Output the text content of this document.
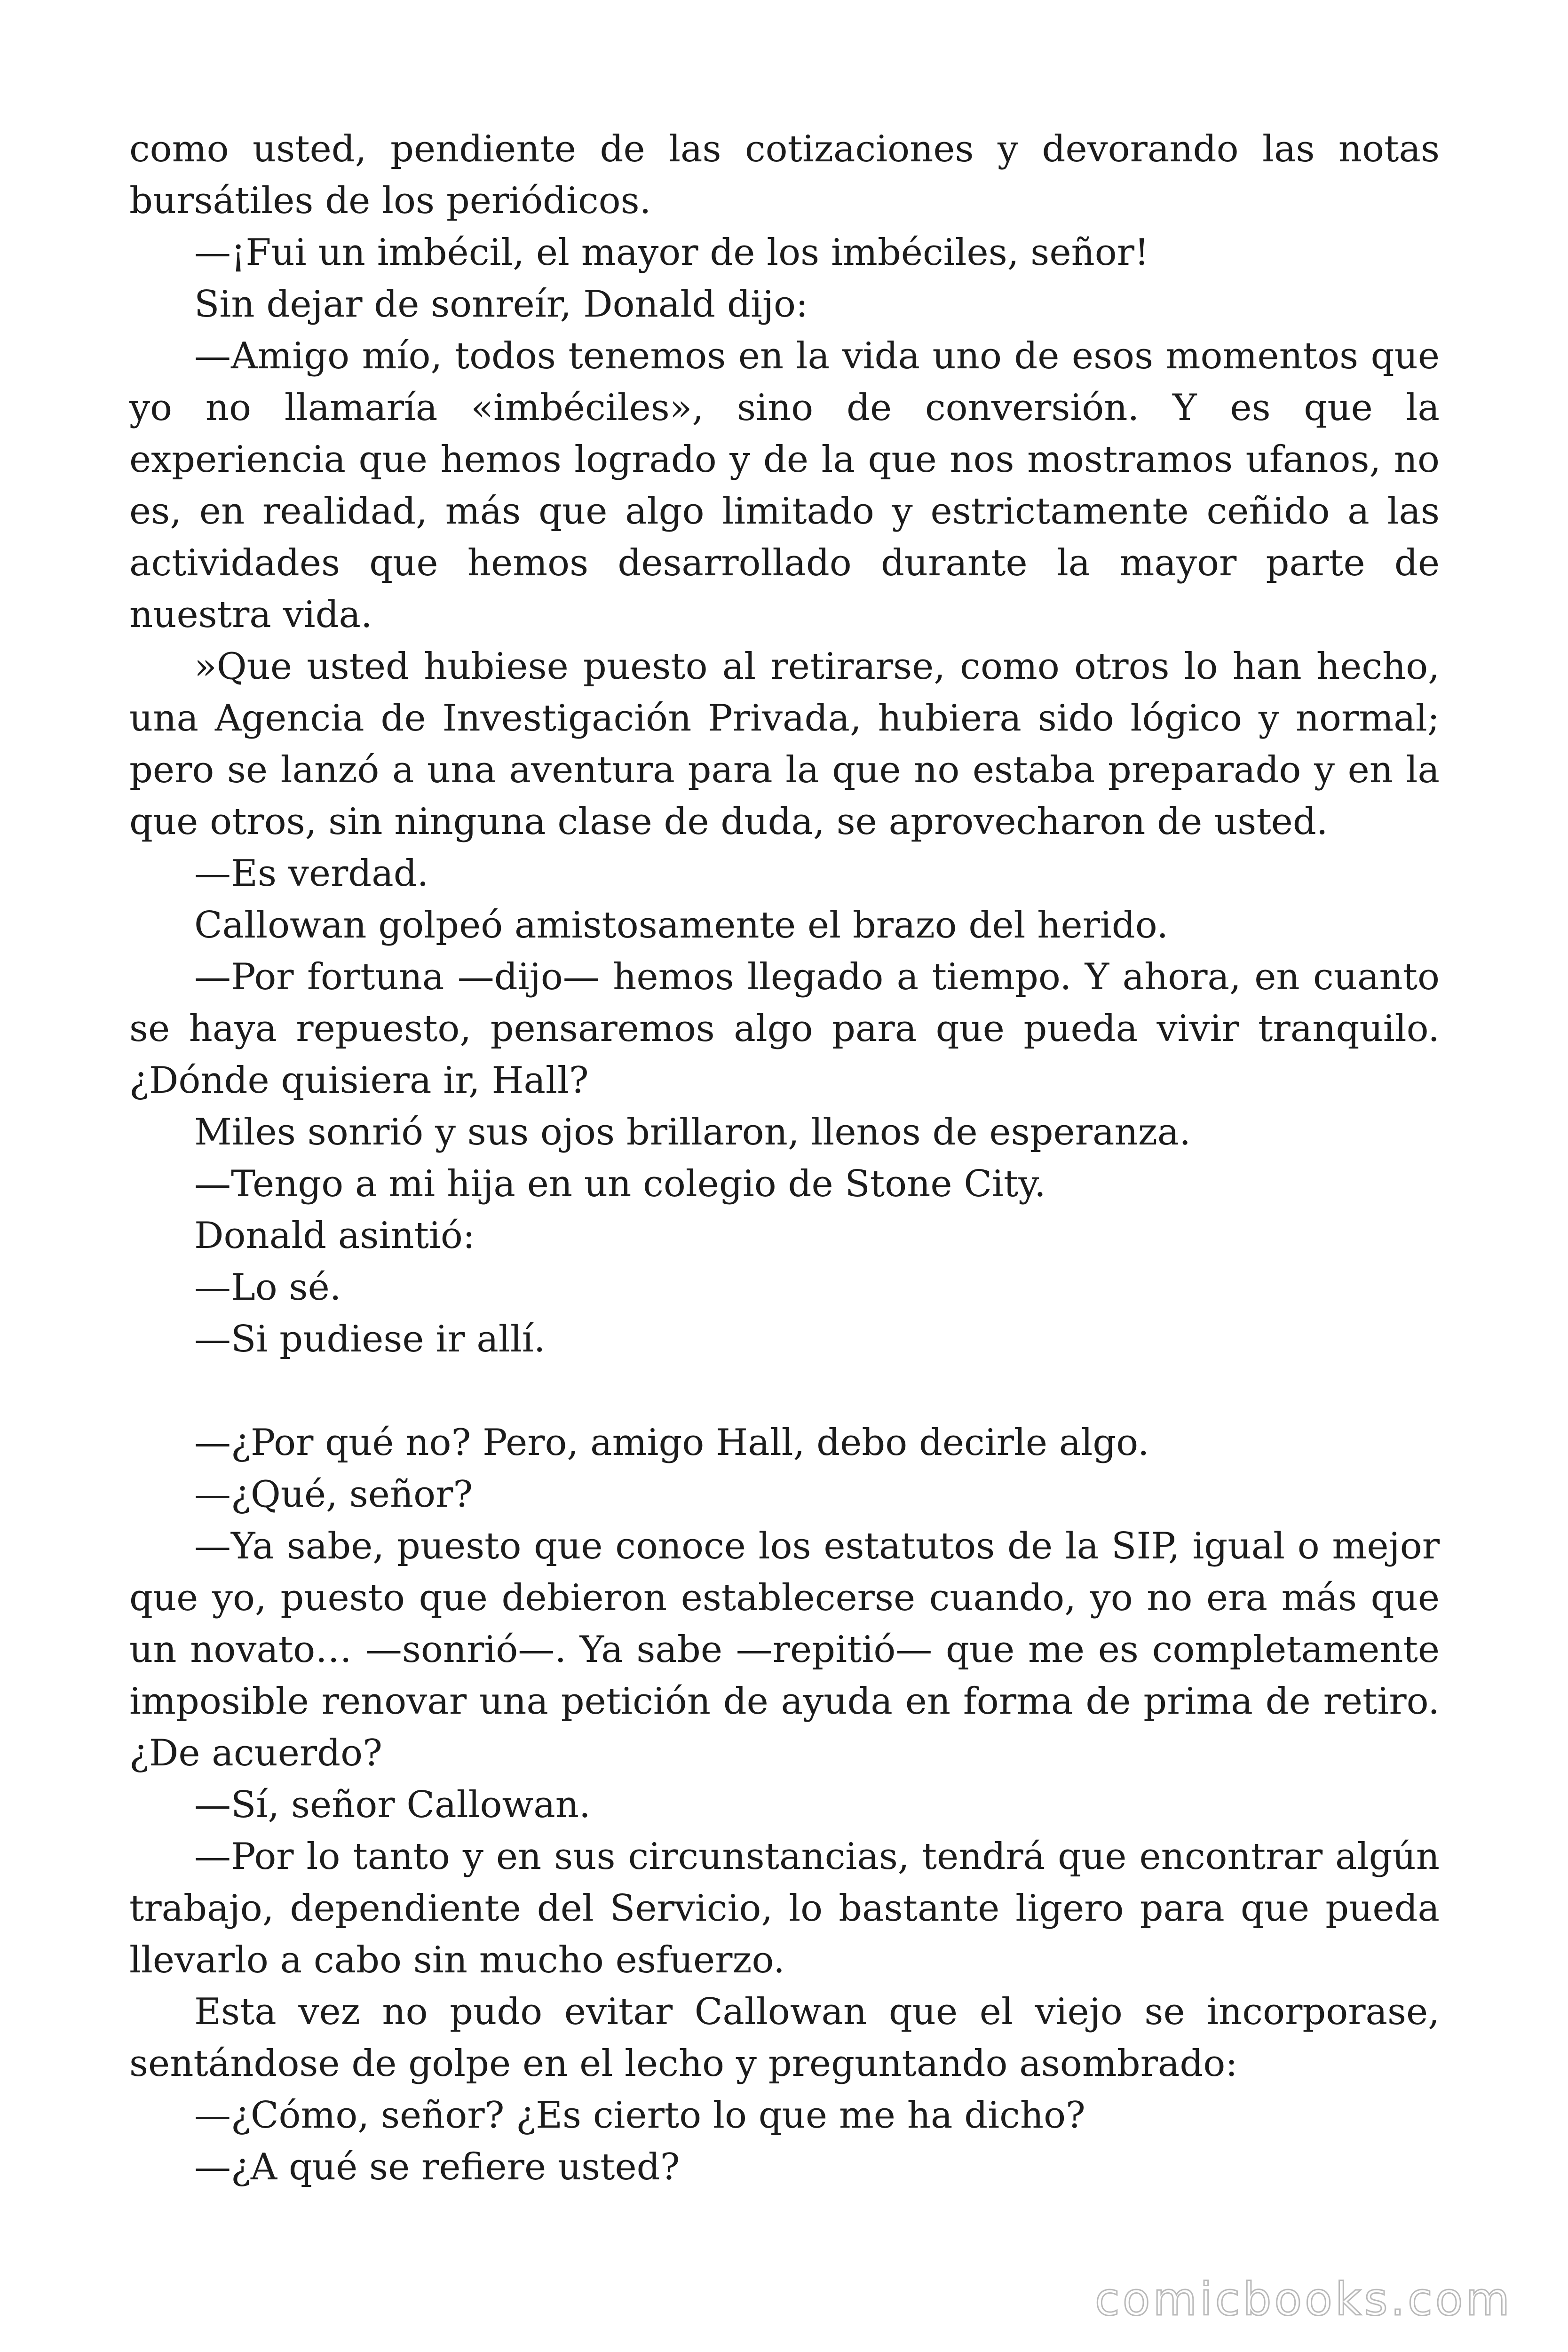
como usted, pendiente de las cotizaciones y devorando las notas bursátiles de los periódicos.

—¡Fui un imbécil, el mayor de los imbéciles, señor!

Sin dejar de sonreír, Donald dijo:

—Amigo mío, todos tenemos en la vida uno de esos momentos que yo no llamaría «imbéciles», sino de conversión. Y es que la experiencia que hemos logrado y de la que nos mostramos ufanos, no es, en realidad, más que algo limitado y estrictamente ceñido a las actividades que hemos desarrollado durante la mayor parte de nuestra vida.

»Que usted hubiese puesto al retirarse, como otros lo han hecho, una Agencia de Investigación Privada, hubiera sido lógico y normal; pero se lanzó a una aventura para la que no estaba preparado y en la que otros, sin ninguna clase de duda, se aprovecharon de usted.

—Es verdad.

Callowan golpeó amistosamente el brazo del herido.

—Por fortuna —dijo— hemos llegado a tiempo. Y ahora, en cuanto se haya repuesto, pensaremos algo para que pueda vivir tranquilo. ¿Dónde quisiera ir, Hall?

Miles sonrió y sus ojos brillaron, llenos de esperanza.

—Tengo a mi hija en un colegio de Stone City.

Donald asintió:

—Lo sé.

—Si pudiese ir allí.

—¿Por qué no? Pero, amigo Hall, debo decirle algo.

—¿Qué, señor?

—Ya sabe, puesto que conoce los estatutos de la SIP, igual o mejor que yo, puesto que debieron establecerse cuando, yo no era más que un novato… —sonrió—. Ya sabe —repitió— que me es completamente imposible renovar una petición de ayuda en forma de prima de retiro. ¿De acuerdo?

—Sí, señor Callowan.

—Por lo tanto y en sus circunstancias, tendrá que encontrar algún trabajo, dependiente del Servicio, lo bastante ligero para que pueda llevarlo a cabo sin mucho esfuerzo.

Esta vez no pudo evitar Callowan que el viejo se incorporase, sentándose de golpe en el lecho y preguntando asombrado:

—¿Cómo, señor? ¿Es cierto lo que me ha dicho?

—¿A qué se refiere usted?

comicbooks.com
